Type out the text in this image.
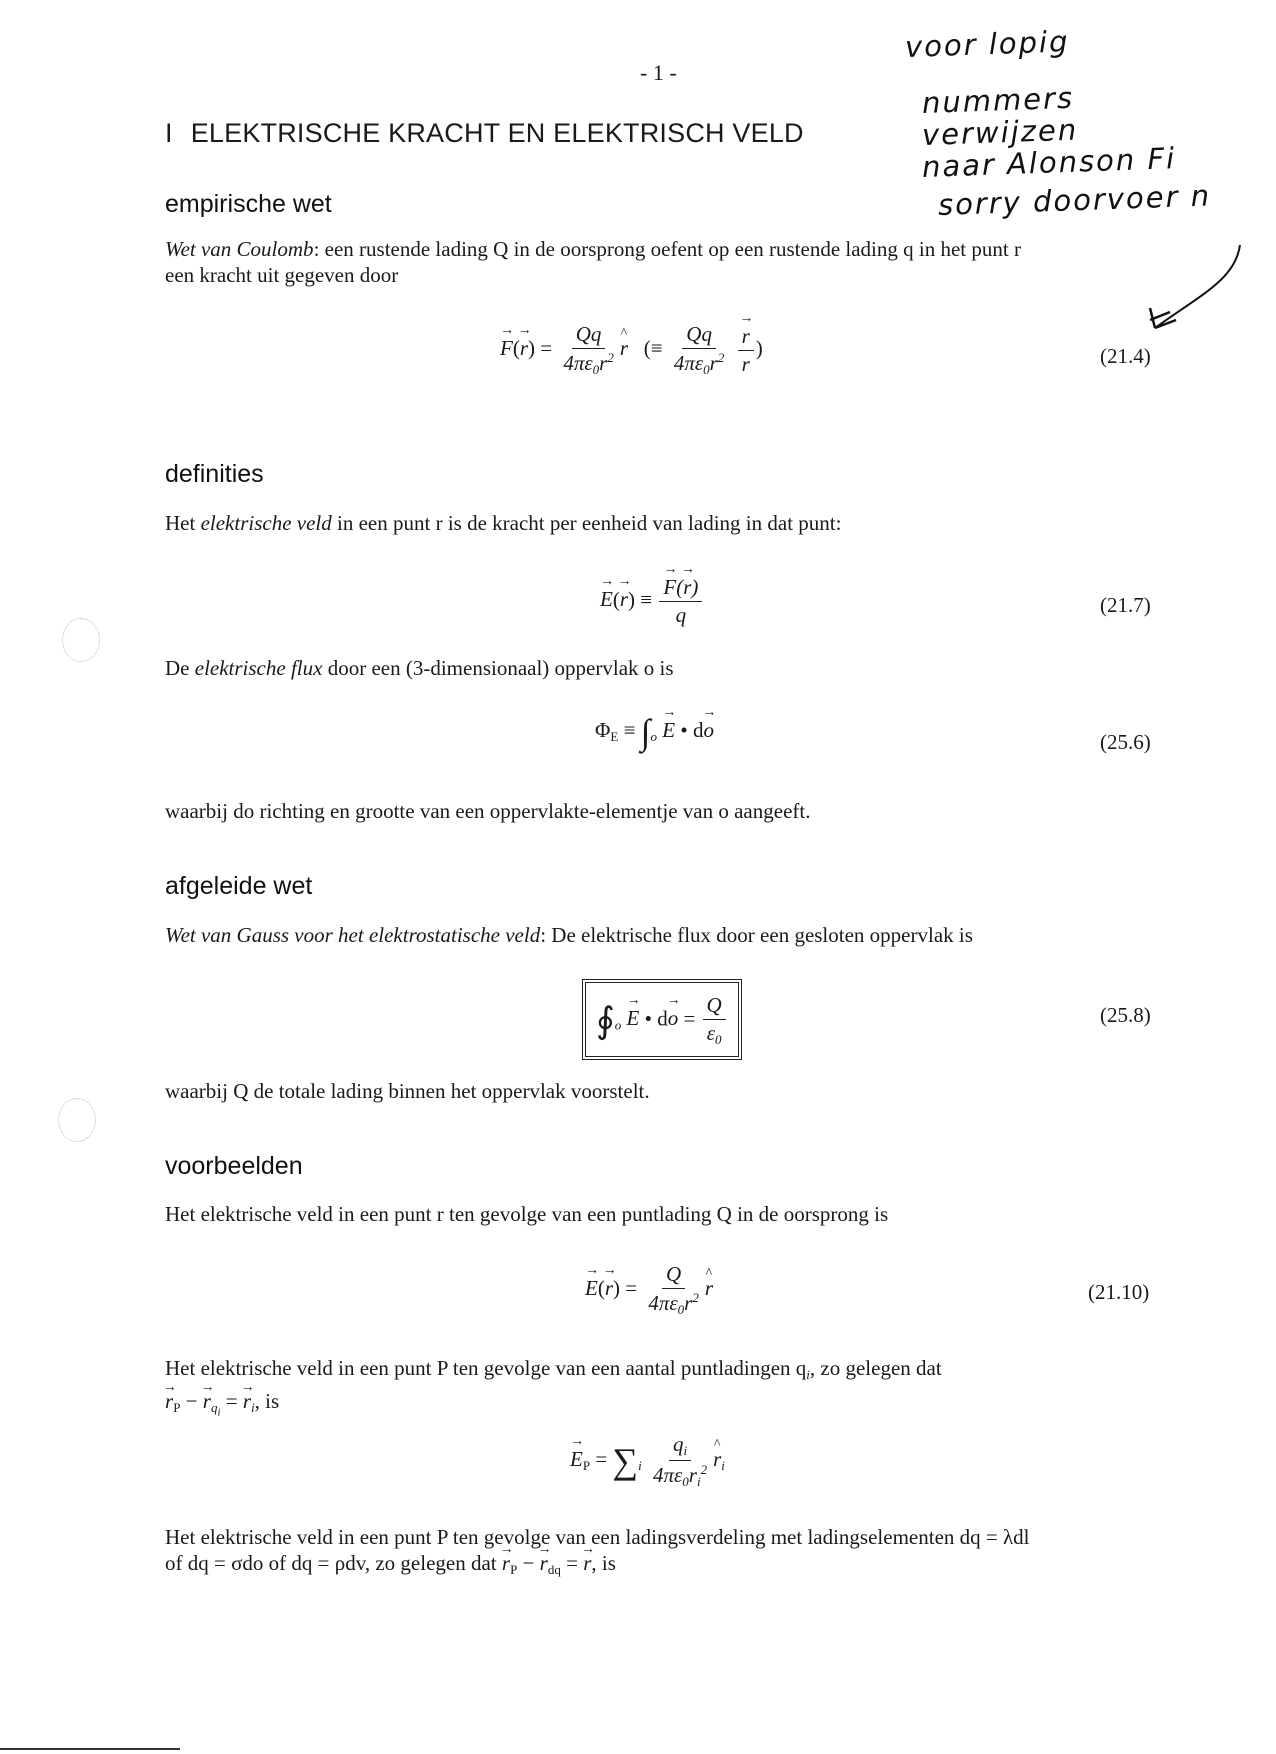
- 1 -
I ELEKTRISCHE KRACHT EN ELEKTRISCH VELD
voor lopig
nummers
verwijzen
naar Alonson Fi
sorry doorvoer n
empirische wet
Wet van Coulomb: een rustende lading Q in de oorsprong oefent op een rustende lading q in het punt r
een kracht uit gegeven door
→ $F(\to r) = \frac{Qq}{4\pi\varepsilon_0r^2}$ ^ r   (≡ $\frac{Qq}{4\pi\varepsilon_0r^2}$
→ $\frac{r}{r}$ )	(21.4)
definities
Het elektrische veld in een punt r is de kracht per eenheid van lading in dat punt:
→ E(→ r) ≡ → $\frac{F(\to r)}{q}$	(21.7)
De elektrische flux door een (3-dimensionaal) oppervlak o is
$\Phi_E \equiv \int_o \to E$ • d→ o	(25.6)
waarbij do richting en grootte van een oppervlakte-elementje van o aangeeft.
afgeleide wet
Wet van Gauss voor het elektrostatische veld: De elektrische flux door een gesloten oppervlak is
$∮_o \to E$ • $d\to o = \frac{Q}{\varepsilon_0}$	(25.8)
waarbij Q de totale lading binnen het oppervlak voorstelt.
voorbeelden
Het elektrische veld in een punt r ten gevolge van een puntlading Q in de oorsprong is
→ $E(\to r) = \frac{Q}{4\pi\varepsilon_0r^2}$ ^ r	(21.10)
Het elektrische veld in een punt P ten gevolge van een aantal puntladingen $q_i$, zo gelegen dat
→ $r_P$ − → $r_{q_i}$ = → $r_i$, is
→ $E_P = \sum_i \frac{q_i}{4\pi\varepsilon_0r_i^2}$ ^ $r_i$
Het elektrische veld in een punt P ten gevolge van een ladingsverdeling met ladingselementen dq = λdl
of dq = σdo of dq = ρdv, zo gelegen dat → $r_P$ − → $r_{dq}$ = → r, is
